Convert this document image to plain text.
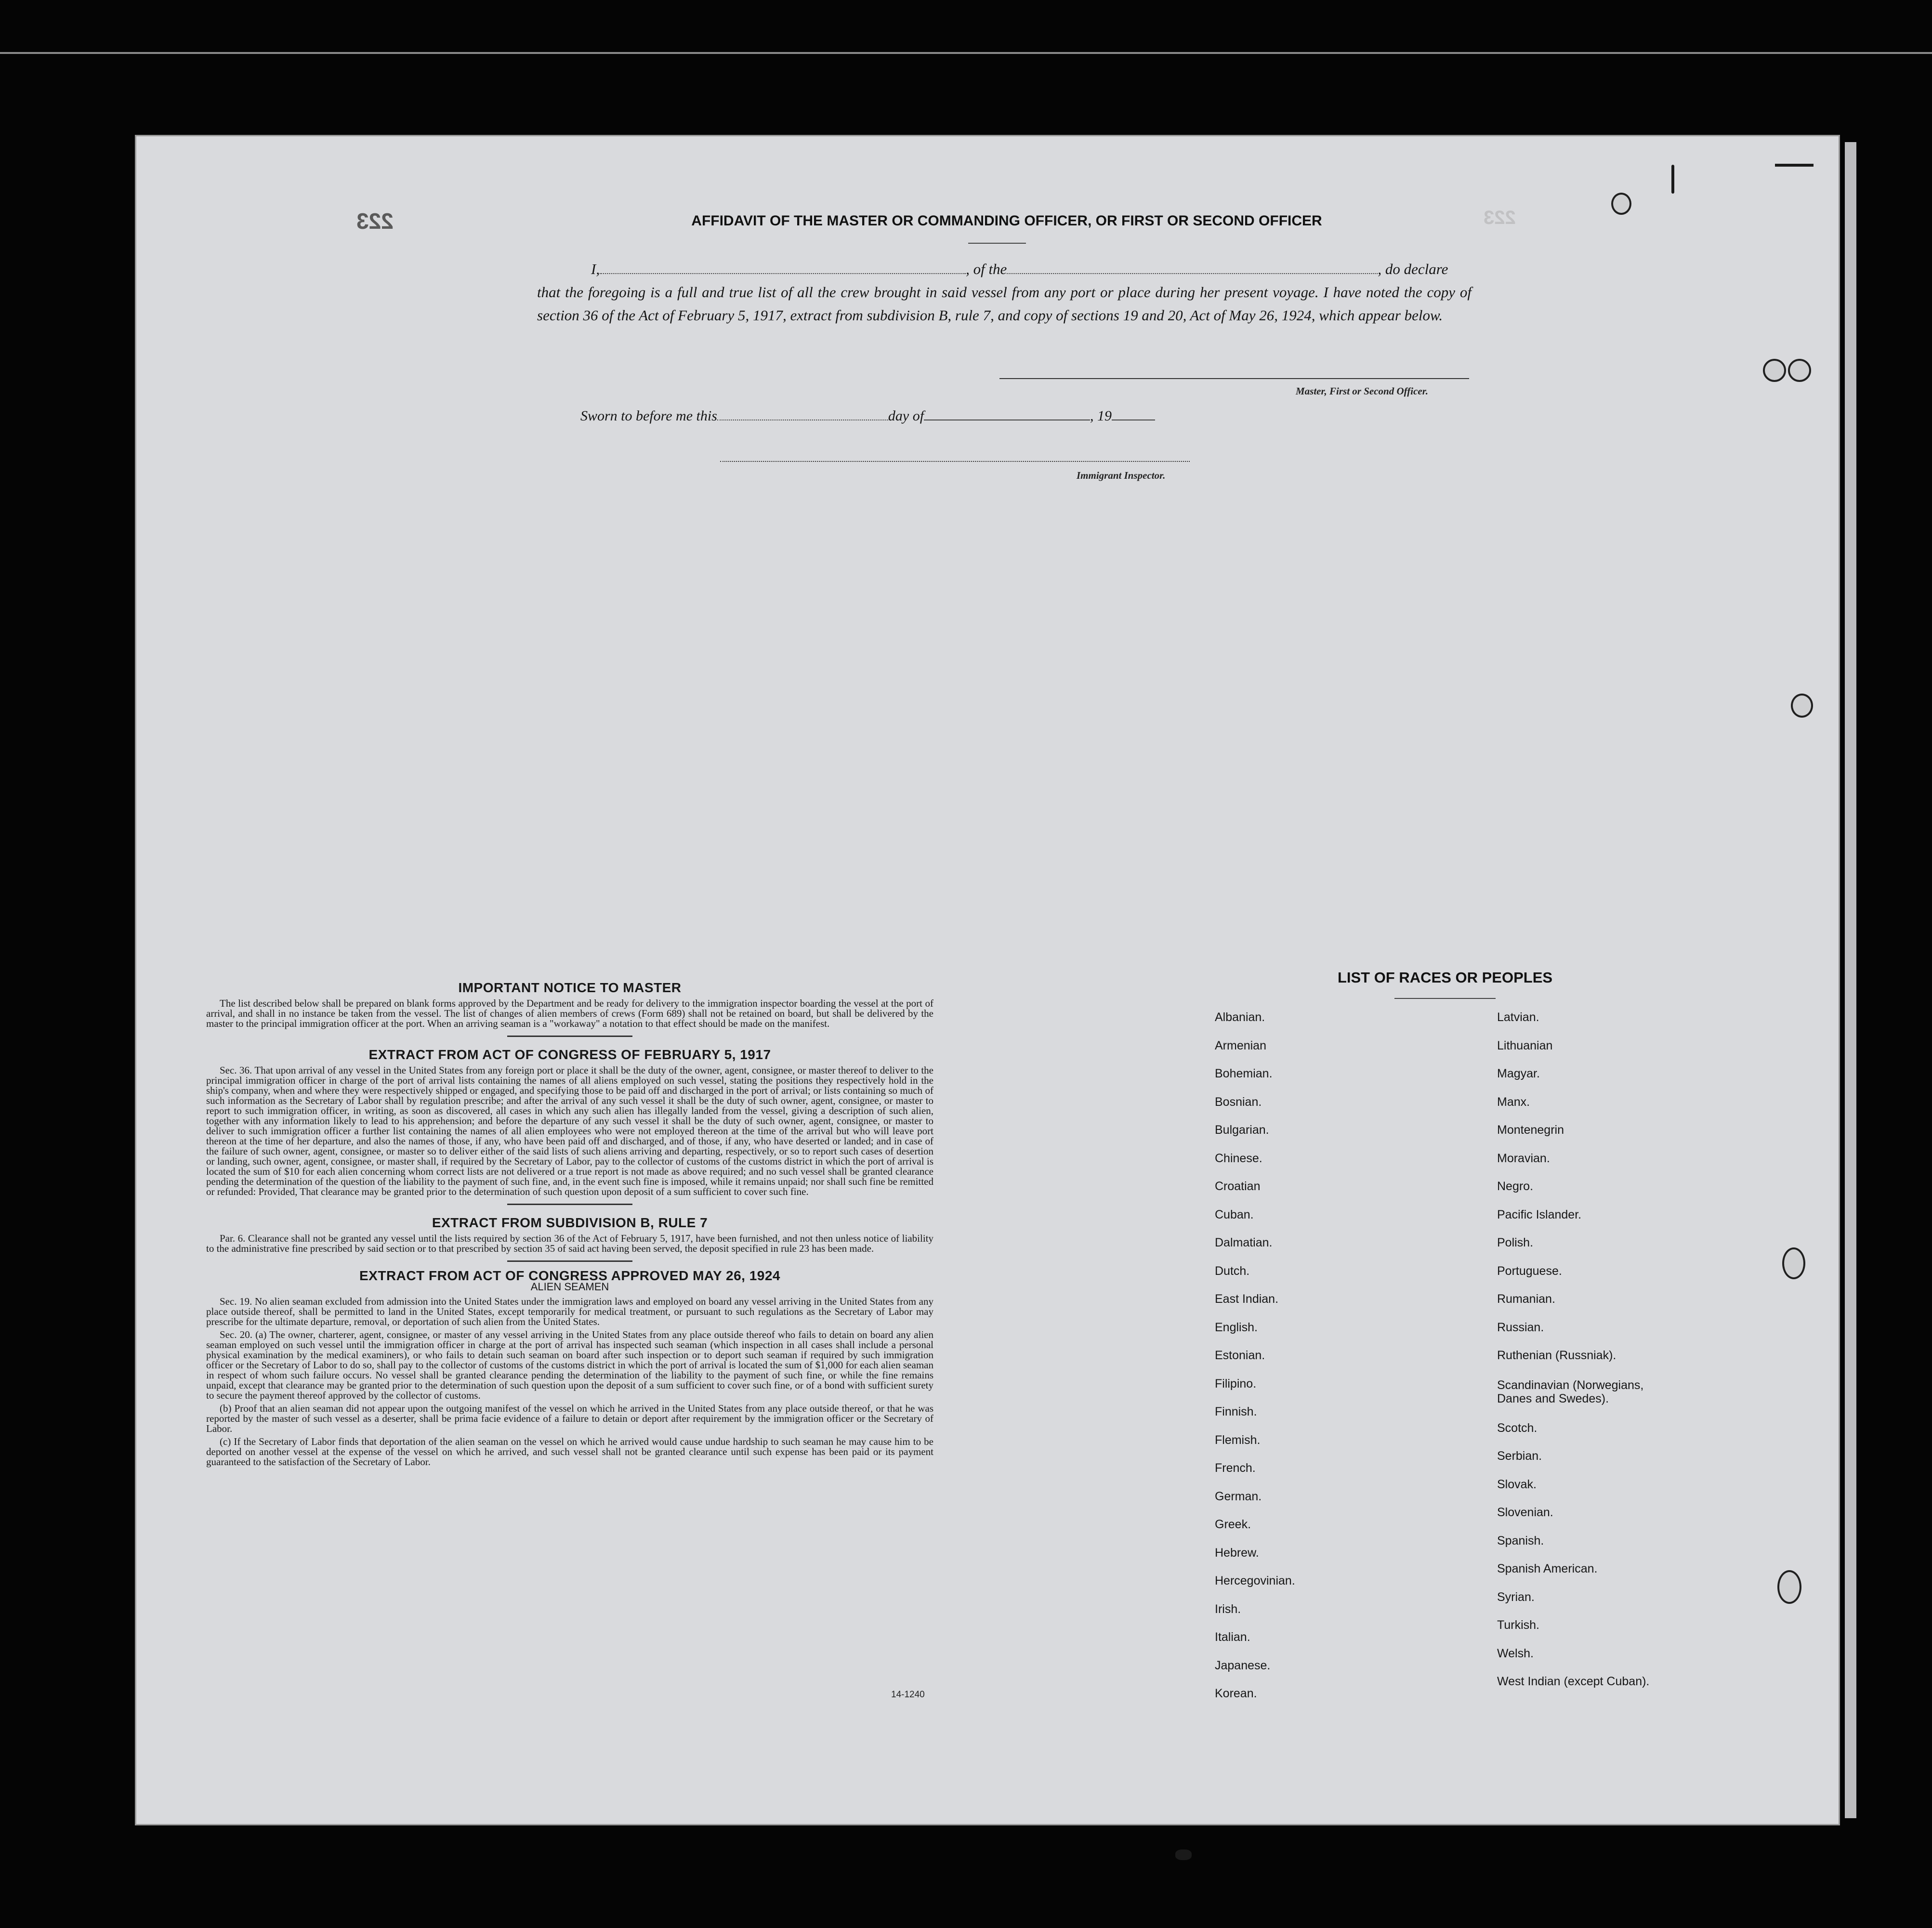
223	223
AFFIDAVIT OF THE MASTER OR COMMANDING OFFICER, OR FIRST OR SECOND OFFICER
I,	, of the	, do declare
that the foregoing is a full and true list of all the crew brought in said vessel from any port or place during her present voyage. I have noted the copy of section 36 of the Act of February 5, 1917, extract from subdivision B, rule 7, and copy of sections 19 and 20, Act of May 26, 1924, which appear below.
Master, First or Second Officer.
Sworn to before me this	day of	, 19
Immigrant Inspector.
IMPORTANT NOTICE TO MASTER

The list described below shall be prepared on blank forms approved by the Department and be ready for delivery to the immigration inspector boarding the vessel at the port of arrival, and shall in no instance be taken from the vessel. The list of changes of alien members of crews (Form 689) shall not be retained on board, but shall be delivered by the master to the principal immigration officer at the port. When an arriving seaman is a "workaway" a notation to that effect should be made on the manifest.

EXTRACT FROM ACT OF CONGRESS OF FEBRUARY 5, 1917

Sec. 36. That upon arrival of any vessel in the United States from any foreign port or place it shall be the duty of the owner, agent, consignee, or master thereof to deliver to the principal immigration officer in charge of the port of arrival lists containing the names of all aliens employed on such vessel, stating the positions they respectively hold in the ship's company, when and where they were respectively shipped or engaged, and specifying those to be paid off and discharged in the port of arrival; or lists containing so much of such information as the Secretary of Labor shall by regulation prescribe; and after the arrival of any such vessel it shall be the duty of such owner, agent, consignee, or master to report to such immigration officer, in writing, as soon as discovered, all cases in which any such alien has illegally landed from the vessel, giving a description of such alien, together with any information likely to lead to his apprehension; and before the departure of any such vessel it shall be the duty of such owner, agent, consignee, or master to deliver to such immigration officer a further list containing the names of all alien employees who were not employed thereon at the time of the arrival but who will leave port thereon at the time of her departure, and also the names of those, if any, who have been paid off and discharged, and of those, if any, who have deserted or landed; and in case of the failure of such owner, agent, consignee, or master so to deliver either of the said lists of such aliens arriving and departing, respectively, or so to report such cases of desertion or landing, such owner, agent, consignee, or master shall, if required by the Secretary of Labor, pay to the collector of customs of the customs district in which the port of arrival is located the sum of $10 for each alien concerning whom correct lists are not delivered or a true report is not made as above required; and no such vessel shall be granted clearance pending the determination of the question of the liability to the payment of such fine, and, in the event such fine is imposed, while it remains unpaid; nor shall such fine be remitted or refunded: Provided, That clearance may be granted prior to the determination of such question upon deposit of a sum sufficient to cover such fine.

EXTRACT FROM SUBDIVISION B, RULE 7

Par. 6. Clearance shall not be granted any vessel until the lists required by section 36 of the Act of February 5, 1917, have been furnished, and not then unless notice of liability to the administrative fine prescribed by said section or to that prescribed by section 35 of said act having been served, the deposit specified in rule 23 has been made.

EXTRACT FROM ACT OF CONGRESS APPROVED MAY 26, 1924
ALIEN SEAMEN

Sec. 19. No alien seaman excluded from admission into the United States under the immigration laws and employed on board any vessel arriving in the United States from any place outside thereof, shall be permitted to land in the United States, except temporarily for medical treatment, or pursuant to such regulations as the Secretary of Labor may prescribe for the ultimate departure, removal, or deportation of such alien from the United States.

Sec. 20. (a) The owner, charterer, agent, consignee, or master of any vessel arriving in the United States from any place outside thereof who fails to detain on board any alien seaman employed on such vessel until the immigration officer in charge at the port of arrival has inspected such seaman (which inspection in all cases shall include a personal physical examination by the medical examiners), or who fails to detain such seaman on board after such inspection or to deport such seaman if required by such immigration officer or the Secretary of Labor to do so, shall pay to the collector of customs of the customs district in which the port of arrival is located the sum of $1,000 for each alien seaman in respect of whom such failure occurs. No vessel shall be granted clearance pending the determination of the liability to the payment of such fine, or while the fine remains unpaid, except that clearance may be granted prior to the determination of such question upon the deposit of a sum sufficient to cover such fine, or of a bond with sufficient surety to secure the payment thereof approved by the collector of customs.

(b) Proof that an alien seaman did not appear upon the outgoing manifest of the vessel on which he arrived in the United States from any place outside thereof, or that he was reported by the master of such vessel as a deserter, shall be prima facie evidence of a failure to detain or deport after requirement by the immigration officer or the Secretary of Labor.

(c) If the Secretary of Labor finds that deportation of the alien seaman on the vessel on which he arrived would cause undue hardship to such seaman he may cause him to be deported on another vessel at the expense of the vessel on which he arrived, and such vessel shall not be granted clearance until such expense has been paid or its payment guaranteed to the satisfaction of the Secretary of Labor.

14-1240
LIST OF RACES OR PEOPLES
Albanian.
Armenian
Bohemian.
Bosnian.
Bulgarian.
Chinese.
Croatian
Cuban.
Dalmatian.
Dutch.
East Indian.
English.
Estonian.
Filipino.
Finnish.
Flemish.
French.
German.
Greek.
Hebrew.
Hercegovinian.
Irish.
Italian.
Japanese.
Korean.
Latvian.
Lithuanian
Magyar.
Manx.
Montenegrin
Moravian.
Negro.
Pacific Islander.
Polish.
Portuguese.
Rumanian.
Russian.
Ruthenian (Russniak).
Scandinavian (Norwegians, Danes and Swedes).
Scotch.
Serbian.
Slovak.
Slovenian.
Spanish.
Spanish American.
Syrian.
Turkish.
Welsh.
West Indian (except Cuban).
